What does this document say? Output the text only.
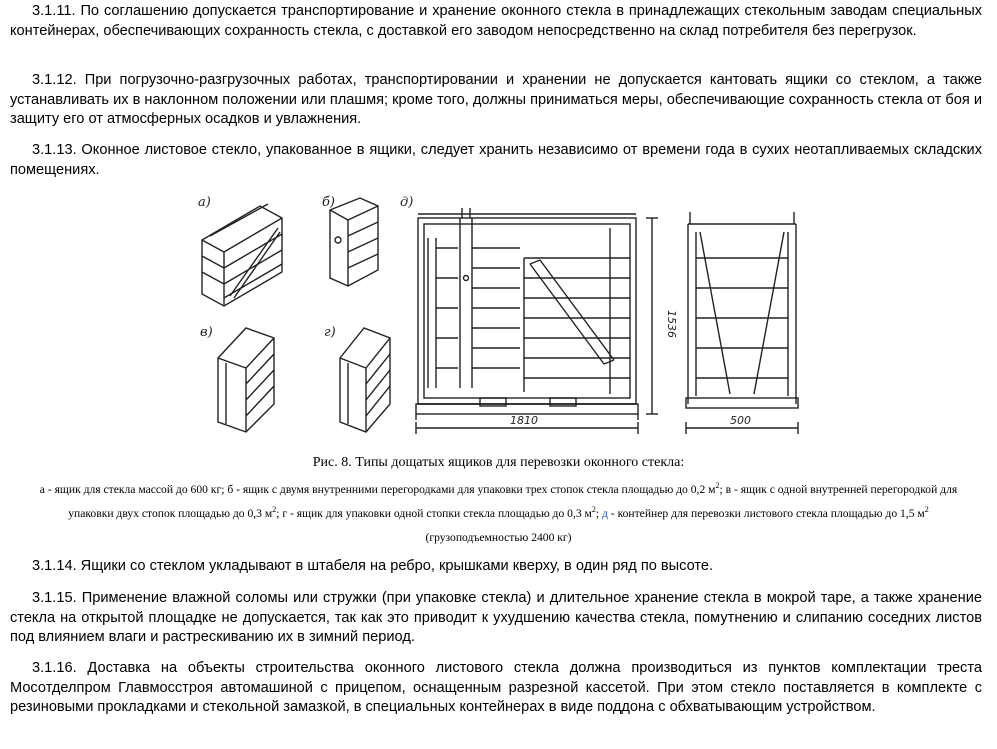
3.1.11. По соглашению допускается транспортирование и хранение оконного стекла в принадлежащих стекольным заводам специальных контейнерах, обеспечивающих сохранность стекла, с доставкой его заводом непосредственно на склад потребителя без перегрузок.

3.1.12. При погрузочно-разгрузочных работах, транспортировании и хранении не допускается кантовать ящики со стеклом, а также устанавливать их в наклонном положении или плашмя; кроме того, должны приниматься меры, обеспечивающие сохранность стекла от боя и защиту его от атмосферных осадков и увлажнения.

3.1.13. Оконное листовое стекло, упакованное в ящики, следует хранить независимо от времени года в сухих неотапливаемых складских помещениях.

а)	б)
в)	г)
д)
1536
1810	500
Рис. 8. Типы дощатых ящиков для перевозки оконного стекла:
а - ящик для стекла массой до 600 кг; б - ящик с двумя внутренними перегородками для упаковки трех стопок стекла площадью до 0,2 $м^2$; в - ящик с одной внутренней перегородкой для упаковки двух стопок площадью до 0,3 $м^2$; г - ящик для упаковки одной стопки стекла площадью до 0,3 $м^2$; д - контейнер для перевозки листового стекла площадью до 1,5 $м^2$ (грузоподъемностью 2400 кг)

3.1.14. Ящики со стеклом укладывают в штабеля на ребро, крышками кверху, в один ряд по высоте.

3.1.15. Применение влажной соломы или стружки (при упаковке стекла) и длительное хранение стекла в мокрой таре, а также хранение стекла на открытой площадке не допускается, так как это приводит к ухудшению качества стекла, помутнению и слипанию соседних листов под влиянием влаги и растрескиванию их в зимний период.

3.1.16. Доставка на объекты строительства оконного листового стекла должна производиться из пунктов комплектации треста Мосотделпром Главмосстроя автомашиной с прицепом, оснащенным разрезной кассетой. При этом стекло поставляется в комплекте с резиновыми прокладками и стекольной замазкой, в специальных контейнерах в виде поддона с обхватывающим устройством.
